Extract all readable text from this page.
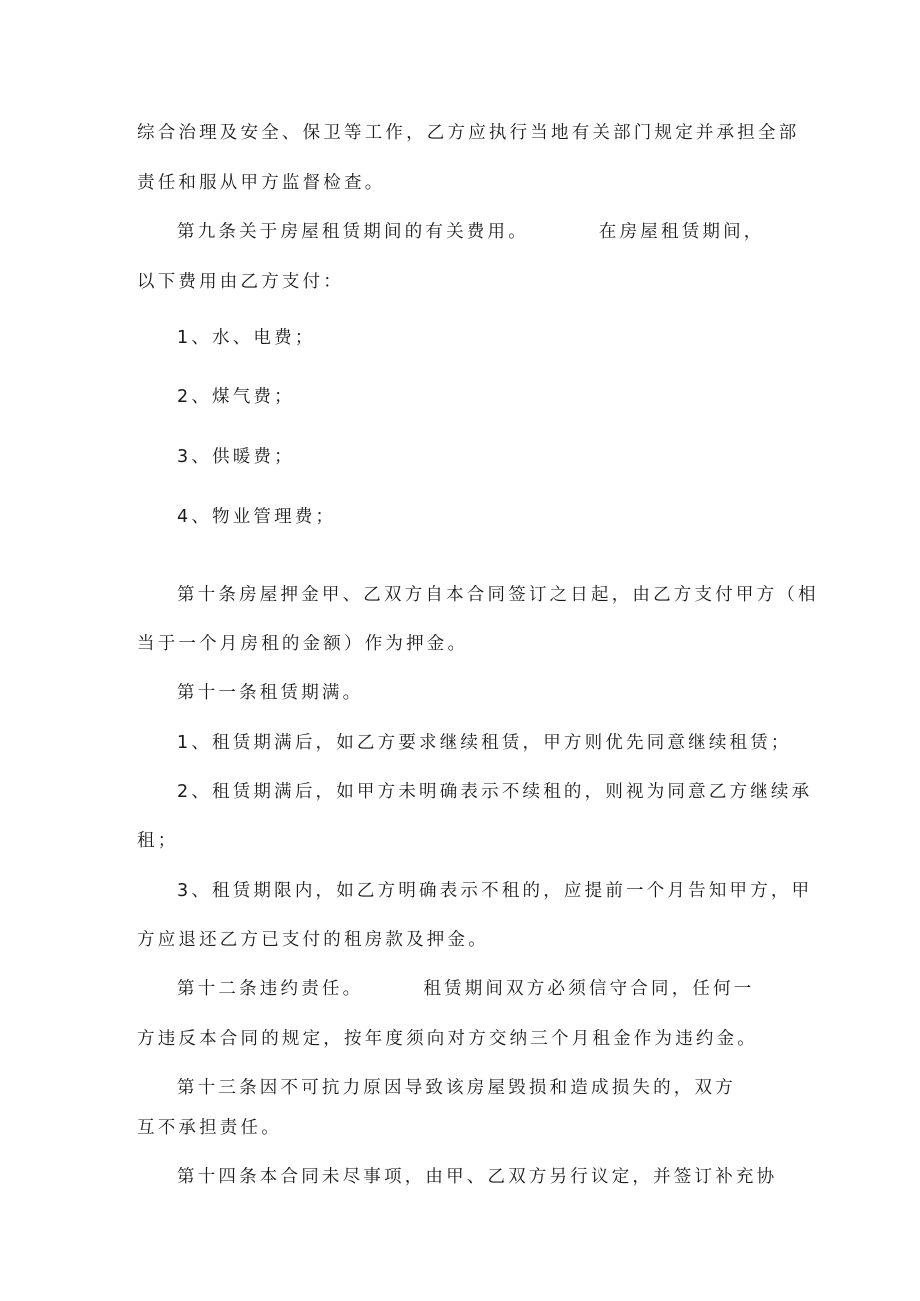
综合治理及安全、保卫等工作，乙方应执行当地有关部门规定并承担全部
责任和服从甲方监督检查。
第九条关于房屋租赁期间的有关费用。	在房屋租赁期间，
以下费用由乙方支付：
1、水、电费；
2、煤气费；
3、供暖费；
4、物业管理费；
第十条房屋押金甲、乙双方自本合同签订之日起，由乙方支付甲方（相
当于一个月房租的金额）作为押金。
第十一条租赁期满。
1、租赁期满后，如乙方要求继续租赁，甲方则优先同意继续租赁；
2、租赁期满后，如甲方未明确表示不续租的，则视为同意乙方继续承
租；
3、租赁期限内，如乙方明确表示不租的，应提前一个月告知甲方，甲
方应退还乙方已支付的租房款及押金。
第十二条违约责任。	租赁期间双方必须信守合同，任何一
方违反本合同的规定，按年度须向对方交纳三个月租金作为违约金。
第十三条因不可抗力原因导致该房屋毁损和造成损失的，双方
互不承担责任。
第十四条本合同未尽事项，由甲、乙双方另行议定，并签订补充协
